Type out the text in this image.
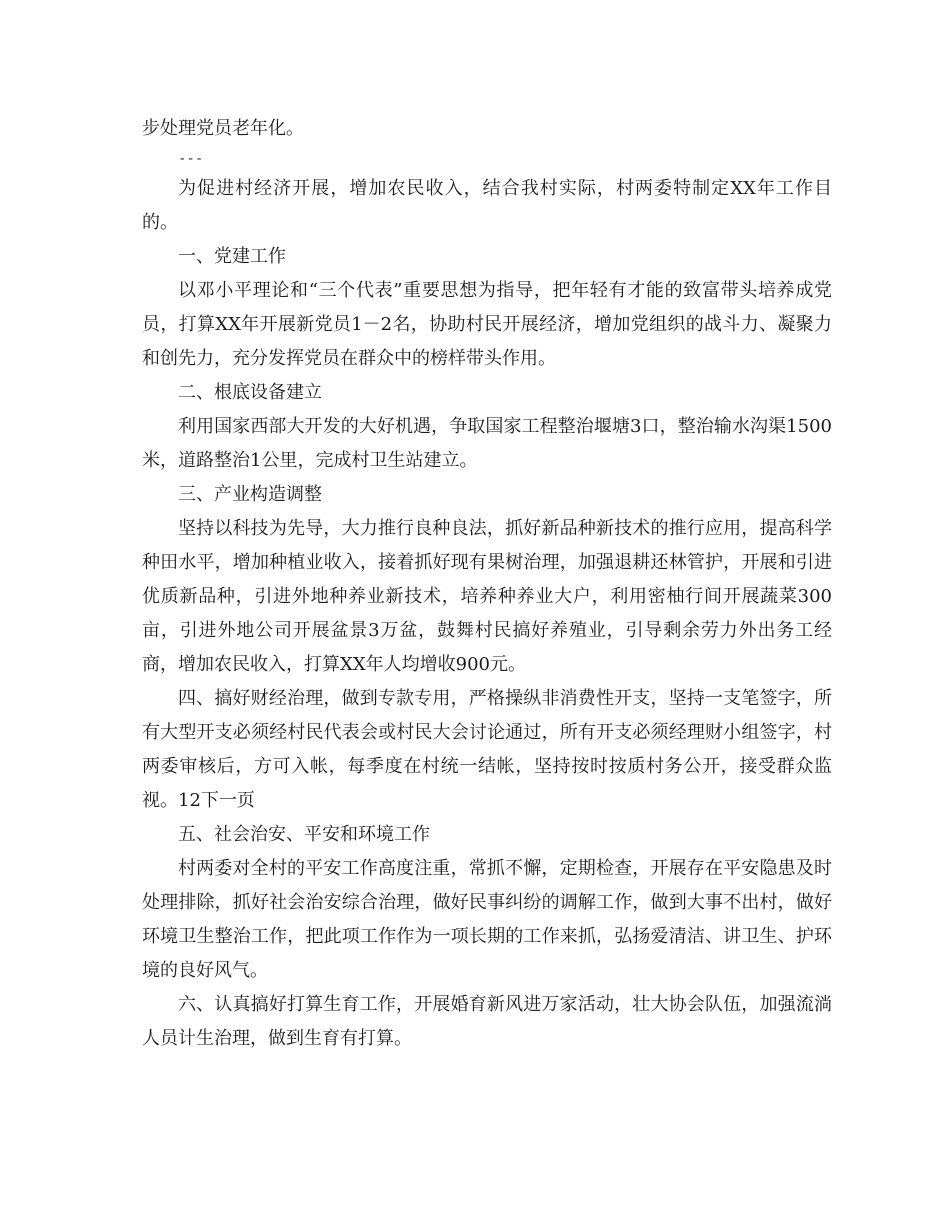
步处理党员老年化。

---

为促进村经济开展，增加农民收入，结合我村实际，村两委特制定XX年工作目的。

一、党建工作

以邓小平理论和“三个代表”重要思想为指导，把年轻有才能的致富带头培养成党员，打算XX年开展新党员1－2名，协助村民开展经济，增加党组织的战斗力、凝聚力和创先力，充分发挥党员在群众中的榜样带头作用。

二、根底设备建立

利用国家西部大开发的大好机遇，争取国家工程整治堰塘3口，整治输水沟渠1500米，道路整治1公里，完成村卫生站建立。

三、产业构造调整

坚持以科技为先导，大力推行良种良法，抓好新品种新技术的推行应用，提高科学种田水平，增加种植业收入，接着抓好现有果树治理，加强退耕还林管护，开展和引进优质新品种，引进外地种养业新技术，培养种养业大户，利用密柚行间开展蔬菜300亩，引进外地公司开展盆景3万盆，鼓舞村民搞好养殖业，引导剩余劳力外出务工经商，增加农民收入，打算XX年人均增收900元。

四、搞好财经治理，做到专款专用，严格操纵非消费性开支，坚持一支笔签字，所有大型开支必须经村民代表会或村民大会讨论通过，所有开支必须经理财小组签字，村两委审核后，方可入帐，每季度在村统一结帐，坚持按时按质村务公开，接受群众监视。12下一页

五、社会治安、平安和环境工作

村两委对全村的平安工作高度注重，常抓不懈，定期检查，开展存在平安隐患及时处理排除，抓好社会治安综合治理，做好民事纠纷的调解工作，做到大事不出村，做好环境卫生整治工作，把此项工作作为一项长期的工作来抓，弘扬爱清洁、讲卫生、护环境的良好风气。

六、认真搞好打算生育工作，开展婚育新风进万家活动，壮大协会队伍，加强流淌人员计生治理，做到生育有打算。
